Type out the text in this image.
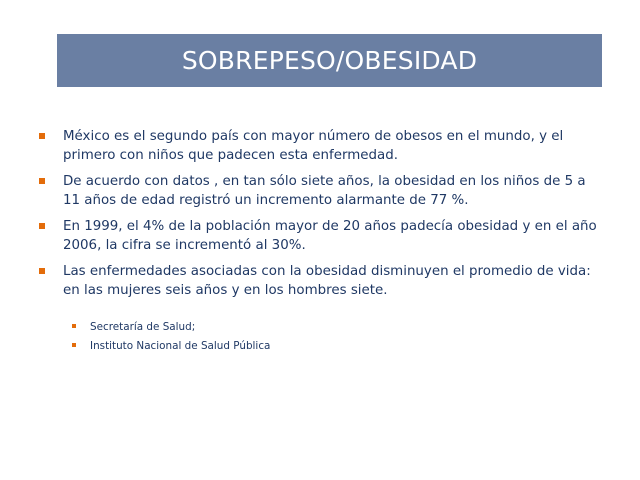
SOBREPESO/OBESIDAD
México es el segundo país con mayor número de obesos en el mundo, y el primero con niños que padecen esta enfermedad.
De acuerdo con datos , en tan sólo siete años, la obesidad en los niños de 5 a 11 años de edad registró un incremento alarmante de 77 %.
En 1999, el 4% de la población mayor de 20 años padecía obesidad y en el año 2006, la cifra se incrementó al 30%.
Las enfermedades asociadas con la obesidad disminuyen el promedio de vida: en las mujeres seis años y en los hombres siete.
Secretaría de Salud;
Instituto Nacional de Salud Pública
